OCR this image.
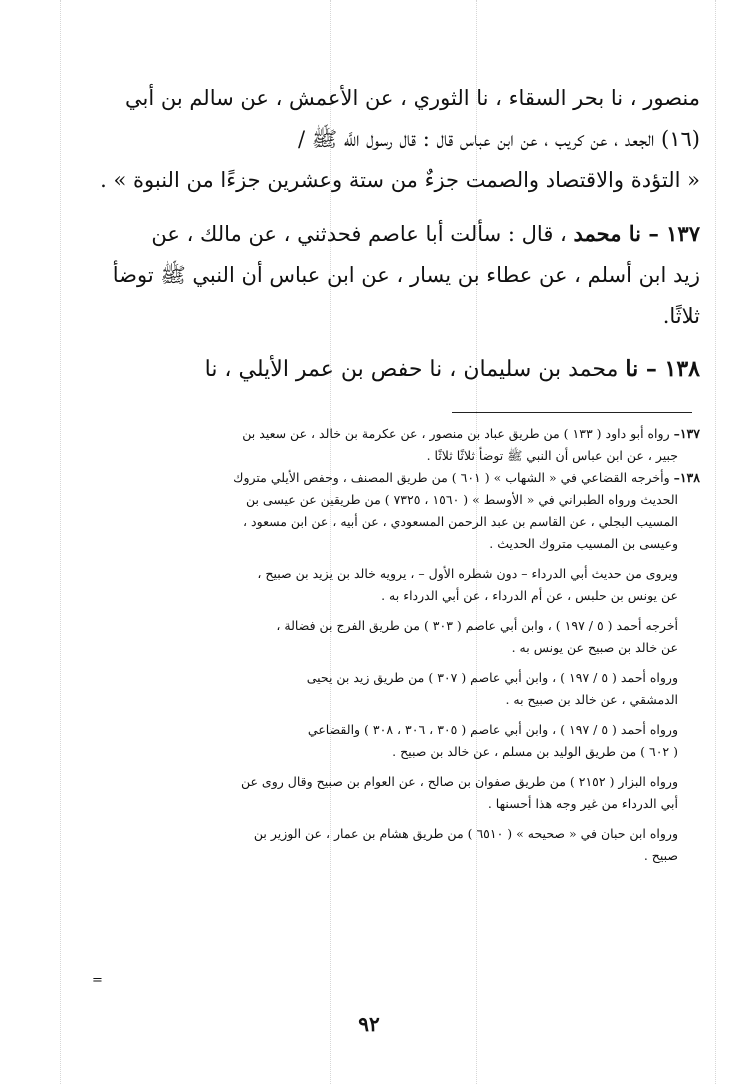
منصور ، نا بحر السقاء ، نا الثوري ، عن الأعمش ، عن سالم بن أبي

(١٦) الجعد ، عن كريب ، عن ابن عباس قال : قال رسول اللَّه ﷺ /

« التؤدة والاقتصاد والصمت جزءٌ من ستة وعشرين جزءًا من النبوة » .

١٣٧ – نا محمد ، قال : سألت أبا عاصم فحدثني ، عن مالك ، عن

زيد ابن أسلم ، عن عطاء بن يسار ، عن ابن عباس أن النبي ﷺ توضأ

ثلاثًا.

١٣٨ – نا محمد بن سليمان ، نا حفص بن عمر الأيلي ، نا

١٣٧– رواه أبو داود ( ١٣٣ ) من طريق عباد بن منصور ، عن عكرمة بن خالد ، عن سعيد بن

جبير ، عن ابن عباس أن النبي ﷺ توضأ ثلاثًا ثلاثًا .

١٣٨– وأخرجه القضاعي في « الشهاب » ( ٦٠١ ) من طريق المصنف ، وحفص الأيلي متروك

الحديث ورواه الطبراني في « الأوسط » ( ١٥٦٠ ، ٧٣٢٥ ) من طريقين عن عيسى بن

المسيب البجلي ، عن القاسم بن عبد الرحمن المسعودي ، عن أبيه ، عن ابن مسعود ،

وعيسى بن المسيب متروك الحديث .

ويروى من حديث أبي الدرداء – دون شطره الأول – ، يرويه خالد بن يزيد بن صبيح ،

عن يونس بن حلبس ، عن أم الدرداء ، عن أبي الدرداء به .

أخرجه أحمد ( ٥ / ١٩٧ ) ، وابن أبي عاصم ( ٣٠٣ ) من طريق الفرج بن فضالة ،

عن خالد بن صبيح عن يونس به .

ورواه أحمد ( ٥ / ١٩٧ ) ، وابن أبي عاصم ( ٣٠٧ ) من طريق زيد بن يحيى

الدمشقي ، عن خالد بن صبيح به .

ورواه أحمد ( ٥ / ١٩٧ ) ، وابن أبي عاصم ( ٣٠٥ ، ٣٠٦ ، ٣٠٨ ) والقضاعي

( ٦٠٢ ) من طريق الوليد بن مسلم ، عن خالد بن صبيح .

ورواه البزار ( ٢١٥٢ ) من طريق صفوان بن صالح ، عن العوام بن صبيح وقال روى عن

أبي الدرداء من غير وجه هذا أحسنها .

ورواه ابن حبان في « صحيحه » ( ٦٥١٠ ) من طريق هشام بن عمار ، عن الوزير بن

صبيح .

=
٩٢
